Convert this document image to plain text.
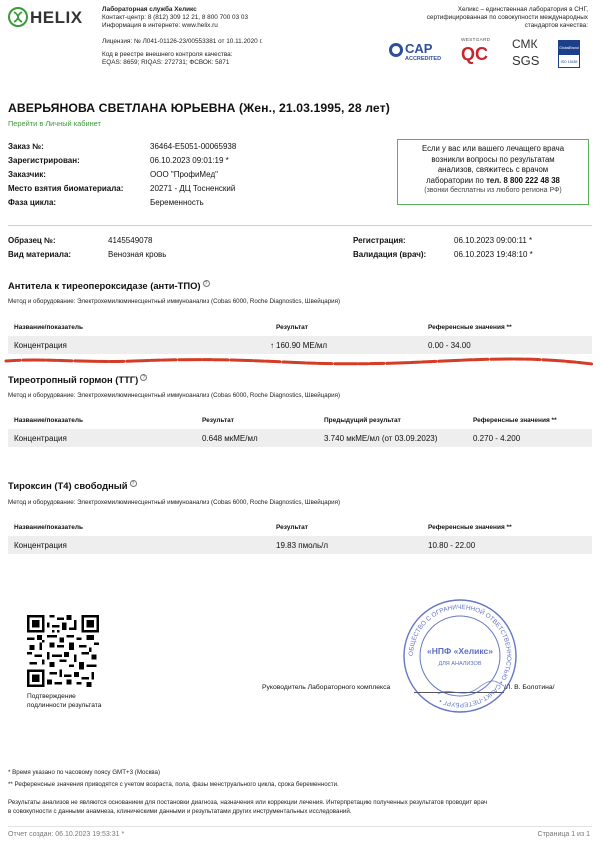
HELIX	Лабораторная служба Хеликс
Контакт-центр: 8 (812) 309 12 21, 8 800 700 03 03
Информация в интернете: www.helix.ru
Лицензия: № Л041-01126-23/00553381 от 10.11.2020 г.
Код в реестре внешнего контроля качества:
EQAS: 8659; RIQAS: 272731; ФСВОК: 5871
Хеликс – единственная лаборатория в СНГ,
сертифицированная по совокупности международных
стандартов качества:
CAP
ACCREDITED
WESTGARD
QC СМК
SGS
GlobalBrand
ISO 15189
АВЕРЬЯНОВА СВЕТЛАНА ЮРЬЕВНА (Жен., 21.03.1995, 28 лет)
Перейти в Личный кабинет
Заказ №:	36464-E5051-00065938
Зарегистрирован:	06.10.2023 09:01:19 *
Заказчик:	ООО "ПрофиМед"
Место взятия биоматериала:	20271 - ДЦ Тосненский
Фаза цикла:	Беременность
Если у вас или вашего лечащего врача
возникли вопросы по результатам
анализов, свяжитесь с врачом
лаборатории по тел. 8 800 222 48 38
(звонки бесплатны из любого региона РФ)
Образец №:	4145549078
Вид материала:	Венозная кровь
Регистрация:	06.10.2023 09:00:11 *
Валидация (врач):	06.10.2023 19:48:10 *
Антитела к тиреопероксидазе (анти-ТПО) ?
Метод и оборудование: Электрохемилюминесцентный иммуноанализ (Cobas 6000, Roche Diagnostics, Швейцария)
Название/показатель	Результат	Референсные значения **
Концентрация	↑ 160.90 МЕ/мл	0.00 - 34.00
Тиреотропный гормон (ТТГ) ?
Метод и оборудование: Электрохемилюминесцентный иммуноанализ (Cobas 6000, Roche Diagnostics, Швейцария)
Название/показатель	Результат	Предыдущий результат	Референсные значения **
Концентрация	0.648 мкМЕ/мл	3.740 мкМЕ/мл (от 03.09.2023)	0.270 - 4.200
Тироксин (Т4) свободный ?
Метод и оборудование: Электрохемилюминесцентный иммуноанализ (Cobas 6000, Roche Diagnostics, Швейцария)
Название/показатель	Результат	Референсные значения **
Концентрация	19.83 пмоль/л	10.80 - 22.00
Подтверждение
подлинности результата
Руководитель Лабораторного комплекса	/Л. В. Болотина/
ОБЩЕСТВО С ОГРАНИЧЕННОЙ ОТВЕТСТВЕННОСТЬЮ • САНКТ-ПЕТЕРБУРГ •
«НПФ «Хеликс»
ДЛЯ АНАЛИЗОВ
* Время указано по часовому поясу GMT+3 (Москва)
** Референсные значения приводятся с учетом возраста, пола, фазы менструального цикла, срока беременности.
Результаты анализов не являются основанием для постановки диагноза, назначения или коррекции лечения. Интерпретацию полученных результатов проводит врач
в совокупности с данными анамнеза, клиническими данными и результатами других инструментальных исследований.
Отчет создан: 06.10.2023 19:53:31 *	Страница 1 из 1
